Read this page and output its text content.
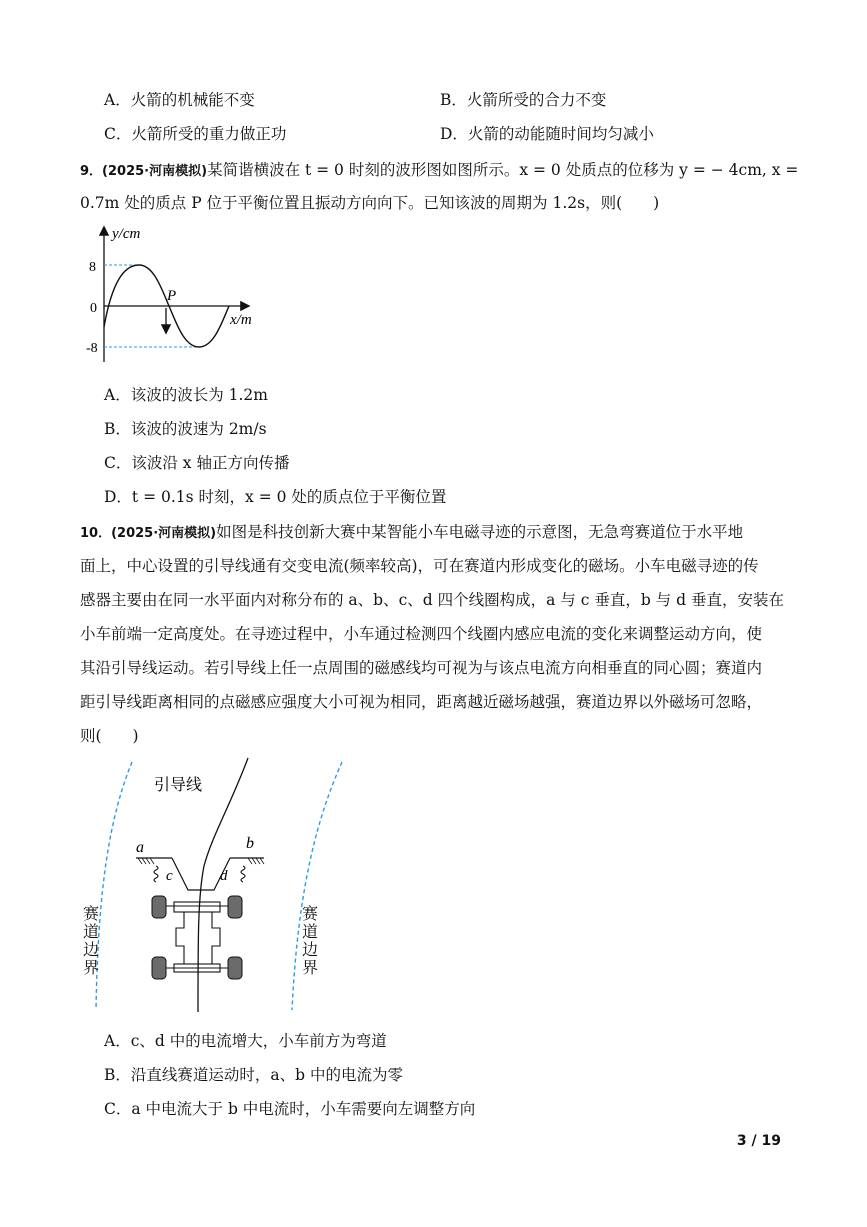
A．火箭的机械能不变	B．火箭所受的合力不变
C．火箭所受的重力做正功	D．火箭的动能随时间均匀减小
9．(2025·河南模拟)某简谐横波在 t = 0 时刻的波形图如图所示。x = 0 处质点的位移为 y = − 4cm, x =
0.7m 处的质点 P 位于平衡位置且振动方向向下。已知该波的周期为 1.2s，则(　　)
y/cm
x/m
8
0
-8
P
A．该波的波长为 1.2m
B．该波的波速为 2m/s
C．该波沿 x 轴正方向传播
D．t = 0.1s 时刻，x = 0 处的质点位于平衡位置
10．(2025·河南模拟)如图是科技创新大赛中某智能小车电磁寻迹的示意图，无急弯赛道位于水平地
面上，中心设置的引导线通有交变电流(频率较高)，可在赛道内形成变化的磁场。小车电磁寻迹的传
感器主要由在同一水平面内对称分布的 a、b、c、d 四个线圈构成，a 与 c 垂直，b 与 d 垂直，安装在
小车前端一定高度处。在寻迹过程中，小车通过检测四个线圈内感应电流的变化来调整运动方向，使
其沿引导线运动。若引导线上任一点周围的磁感线均可视为与该点电流方向相垂直的同心圆；赛道内
距引导线距离相同的点磁感应强度大小可视为相同，距离越近磁场越强，赛道边界以外磁场可忽略，
则(　　)
引导线
a	b
c	d
赛道边界
赛道边界
A．c、d 中的电流增大，小车前方为弯道
B．沿直线赛道运动时，a、b 中的电流为零
C．a 中电流大于 b 中电流时，小车需要向左调整方向
3 / 19
